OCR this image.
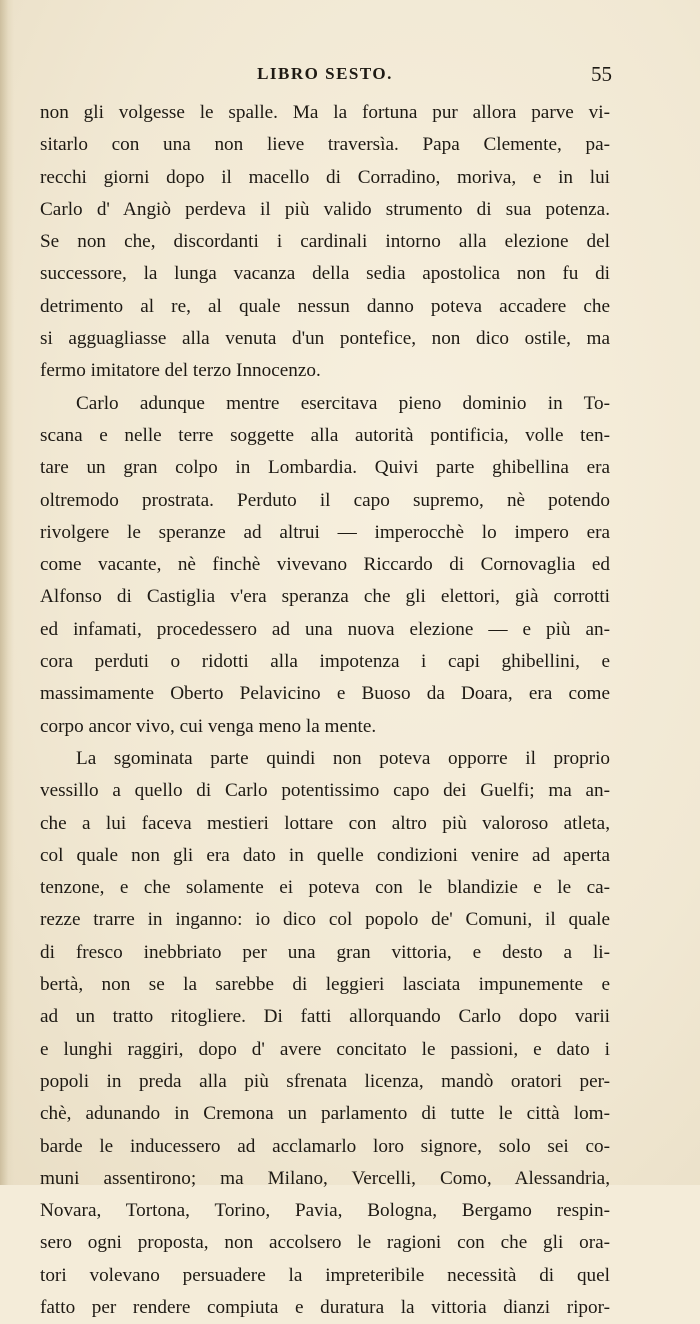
LIBRO SESTO.	55
non gli volgesse le spalle. Ma la fortuna pur allora parve vi-
sitarlo con una non lieve traversìa. Papa Clemente, pa-
recchi giorni dopo il macello di Corradino, moriva, e in lui
Carlo d' Angiò perdeva il più valido strumento di sua potenza.
Se non che, discordanti i cardinali intorno alla elezione del
successore, la lunga vacanza della sedia apostolica non fu di
detrimento al re, al quale nessun danno poteva accadere che
si agguagliasse alla venuta d'un pontefice, non dico ostile, ma
fermo imitatore del terzo Innocenzo.
Carlo adunque mentre esercitava pieno dominio in To-
scana e nelle terre soggette alla autorità pontificia, volle ten-
tare un gran colpo in Lombardia. Quivi parte ghibellina era
oltremodo prostrata. Perduto il capo supremo, nè potendo
rivolgere le speranze ad altrui — imperocchè lo impero era
come vacante, nè finchè vivevano Riccardo di Cornovaglia ed
Alfonso di Castiglia v'era speranza che gli elettori, già corrotti
ed infamati, procedessero ad una nuova elezione — e più an-
cora perduti o ridotti alla impotenza i capi ghibellini, e
massimamente Oberto Pelavicino e Buoso da Doara, era come
corpo ancor vivo, cui venga meno la mente.
La sgominata parte quindi non poteva opporre il proprio
vessillo a quello di Carlo potentissimo capo dei Guelfi; ma an-
che a lui faceva mestieri lottare con altro più valoroso atleta,
col quale non gli era dato in quelle condizioni venire ad aperta
tenzone, e che solamente ei poteva con le blandizie e le ca-
rezze trarre in inganno: io dico col popolo de' Comuni, il quale
di fresco inebbriato per una gran vittoria, e desto a li-
bertà, non se la sarebbe di leggieri lasciata impunemente e
ad un tratto ritogliere. Di fatti allorquando Carlo dopo varii
e lunghi raggiri, dopo d' avere concitato le passioni, e dato i
popoli in preda alla più sfrenata licenza, mandò oratori per-
chè, adunando in Cremona un parlamento di tutte le città lom-
barde le inducessero ad acclamarlo loro signore, solo sei co-
muni assentirono; ma Milano, Vercelli, Como, Alessandria,
Novara, Tortona, Torino, Pavia, Bologna, Bergamo respin-
sero ogni proposta, non accolsero le ragioni con che gli ora-
tori volevano persuadere la impreteribile necessità di quel
fatto per rendere compiuta e duratura la vittoria dianzi ripor-
